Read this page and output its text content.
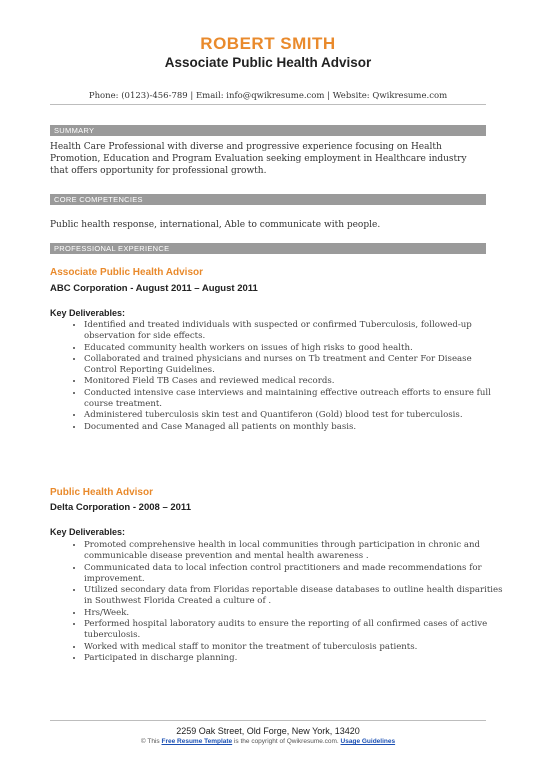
ROBERT SMITH
Associate Public Health Advisor
Phone: (0123)-456-789 | Email: info@qwikresume.com | Website: Qwikresume.com
SUMMARY
Health Care Professional with diverse and progressive experience focusing on Health Promotion, Education and Program Evaluation seeking employment in Healthcare industry that offers opportunity for professional growth.
CORE COMPETENCIES
Public health response, international, Able to communicate with people.
PROFESSIONAL EXPERIENCE
Associate Public Health Advisor
ABC Corporation - August 2011 – August 2011
Key Deliverables:
• Identified and treated individuals with suspected or confirmed Tuberculosis, followed-up observation for side effects.
• Educated community health workers on issues of high risks to good health.
• Collaborated and trained physicians and nurses on Tb treatment and Center For Disease Control Reporting Guidelines.
• Monitored Field TB Cases and reviewed medical records.
• Conducted intensive case interviews and maintaining effective outreach efforts to ensure full course treatment.
• Administered tuberculosis skin test and Quantiferon (Gold) blood test for tuberculosis.
• Documented and Case Managed all patients on monthly basis.
Public Health Advisor
Delta Corporation - 2008 – 2011
Key Deliverables:
• Promoted comprehensive health in local communities through participation in chronic and communicable disease prevention and mental health awareness .
• Communicated data to local infection control practitioners and made recommendations for improvement.
• Utilized secondary data from Floridas reportable disease databases to outline health disparities in Southwest Florida Created a culture of .
• Hrs/Week.
• Performed hospital laboratory audits to ensure the reporting of all confirmed cases of active tuberculosis.
• Worked with medical staff to monitor the treatment of tuberculosis patients.
• Participated in discharge planning.
2259 Oak Street, Old Forge, New York, 13420
© This Free Resume Template is the copyright of Qwikresume.com. Usage Guidelines
